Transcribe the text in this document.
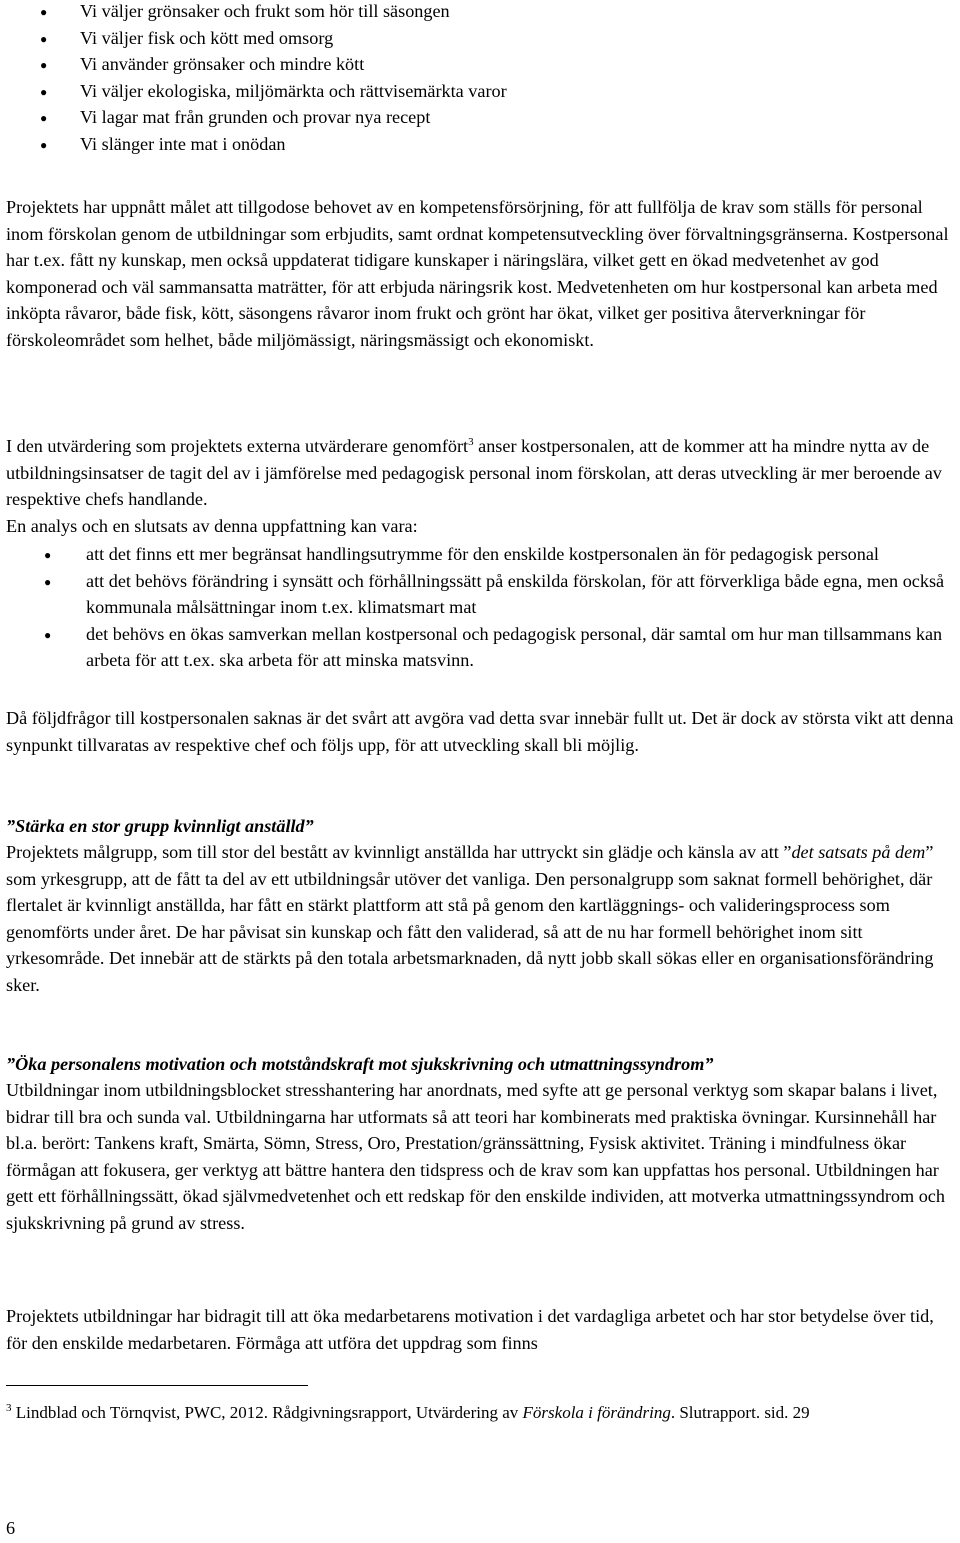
● Vi väljer grönsaker och frukt som hör till säsongen
● Vi väljer fisk och kött med omsorg
● Vi använder grönsaker och mindre kött
● Vi väljer ekologiska, miljömärkta och rättvisemärkta varor
● Vi lagar mat från grunden och provar nya recept
● Vi slänger inte mat i onödan

Projektets har uppnått målet att tillgodose behovet av en kompetensförsörjning, för att fullfölja de krav som ställs för personal inom förskolan genom de utbildningar som erbjudits, samt ordnat kompetensutveckling över förvaltningsgränserna. Kostpersonal har t.ex. fått ny kunskap, men också uppdaterat tidigare kunskaper i näringslära, vilket gett en ökad medvetenhet av god komponerad och väl sammansatta maträtter, för att erbjuda näringsrik kost. Medvetenheten om hur kostpersonal kan arbeta med inköpta råvaror, både fisk, kött, säsongens råvaror inom frukt och grönt har ökat, vilket ger positiva återverkningar för förskoleområdet som helhet, både miljömässigt, näringsmässigt och ekonomiskt.

I den utvärdering som projektets externa utvärderare genomfört$^3$ anser kostpersonalen, att de kommer att ha mindre nytta av de utbildningsinsatser de tagit del av i jämförelse med pedagogisk personal inom förskolan, att deras utveckling är mer beroende av respektive chefs handlande.

En analys och en slutsats av denna uppfattning kan vara:

● att det finns ett mer begränsat handlingsutrymme för den enskilde kostpersonalen än för pedagogisk personal
● att det behövs förändring i synsätt och förhållningssätt på enskilda förskolan, för att förverkliga både egna, men också kommunala målsättningar inom t.ex. klimatsmart mat
● det behövs en ökas samverkan mellan kostpersonal och pedagogisk personal, där samtal om hur man tillsammans kan arbeta för att t.ex. ska arbeta för att minska matsvinn.

Då följdfrågor till kostpersonalen saknas är det svårt att avgöra vad detta svar innebär fullt ut. Det är dock av största vikt att denna synpunkt tillvaratas av respektive chef och följs upp, för att utveckling skall bli möjlig.

”Stärka en stor grupp kvinnligt anställd”

Projektets målgrupp, som till stor del bestått av kvinnligt anställda har uttryckt sin glädje och känsla av att ”det satsats på dem” som yrkesgrupp, att de fått ta del av ett utbildningsår utöver det vanliga. Den personalgrupp som saknat formell behörighet, där flertalet är kvinnligt anställda, har fått en stärkt plattform att stå på genom den kartläggnings- och valideringsprocess som genomförts under året. De har påvisat sin kunskap och fått den validerad, så att de nu har formell behörighet inom sitt yrkesområde. Det innebär att de stärkts på den totala arbetsmarknaden, då nytt jobb skall sökas eller en organisationsförändring sker.

”Öka personalens motivation och motståndskraft mot sjukskrivning och utmattningssyndrom”

Utbildningar inom utbildningsblocket stresshantering har anordnats, med syfte att ge personal verktyg som skapar balans i livet, bidrar till bra och sunda val. Utbildningarna har utformats så att teori har kombinerats med praktiska övningar. Kursinnehåll har bl.a. berört: Tankens kraft, Smärta, Sömn, Stress, Oro, Prestation/gränssättning, Fysisk aktivitet. Träning i mindfulness ökar förmågan att fokusera, ger verktyg att bättre hantera den tidspress och de krav som kan uppfattas hos personal. Utbildningen har gett ett förhållningssätt, ökad självmedvetenhet och ett redskap för den enskilde individen, att motverka utmattningssyndrom och sjukskrivning på grund av stress.

Projektets utbildningar har bidragit till att öka medarbetarens motivation i det vardagliga arbetet och har stor betydelse över tid, för den enskilde medarbetaren. Förmåga att utföra det uppdrag som finns

$^3$ Lindblad och Törnqvist, PWC, 2012. Rådgivningsrapport, Utvärdering av Förskola i förändring. Slutrapport. sid. 29

6
